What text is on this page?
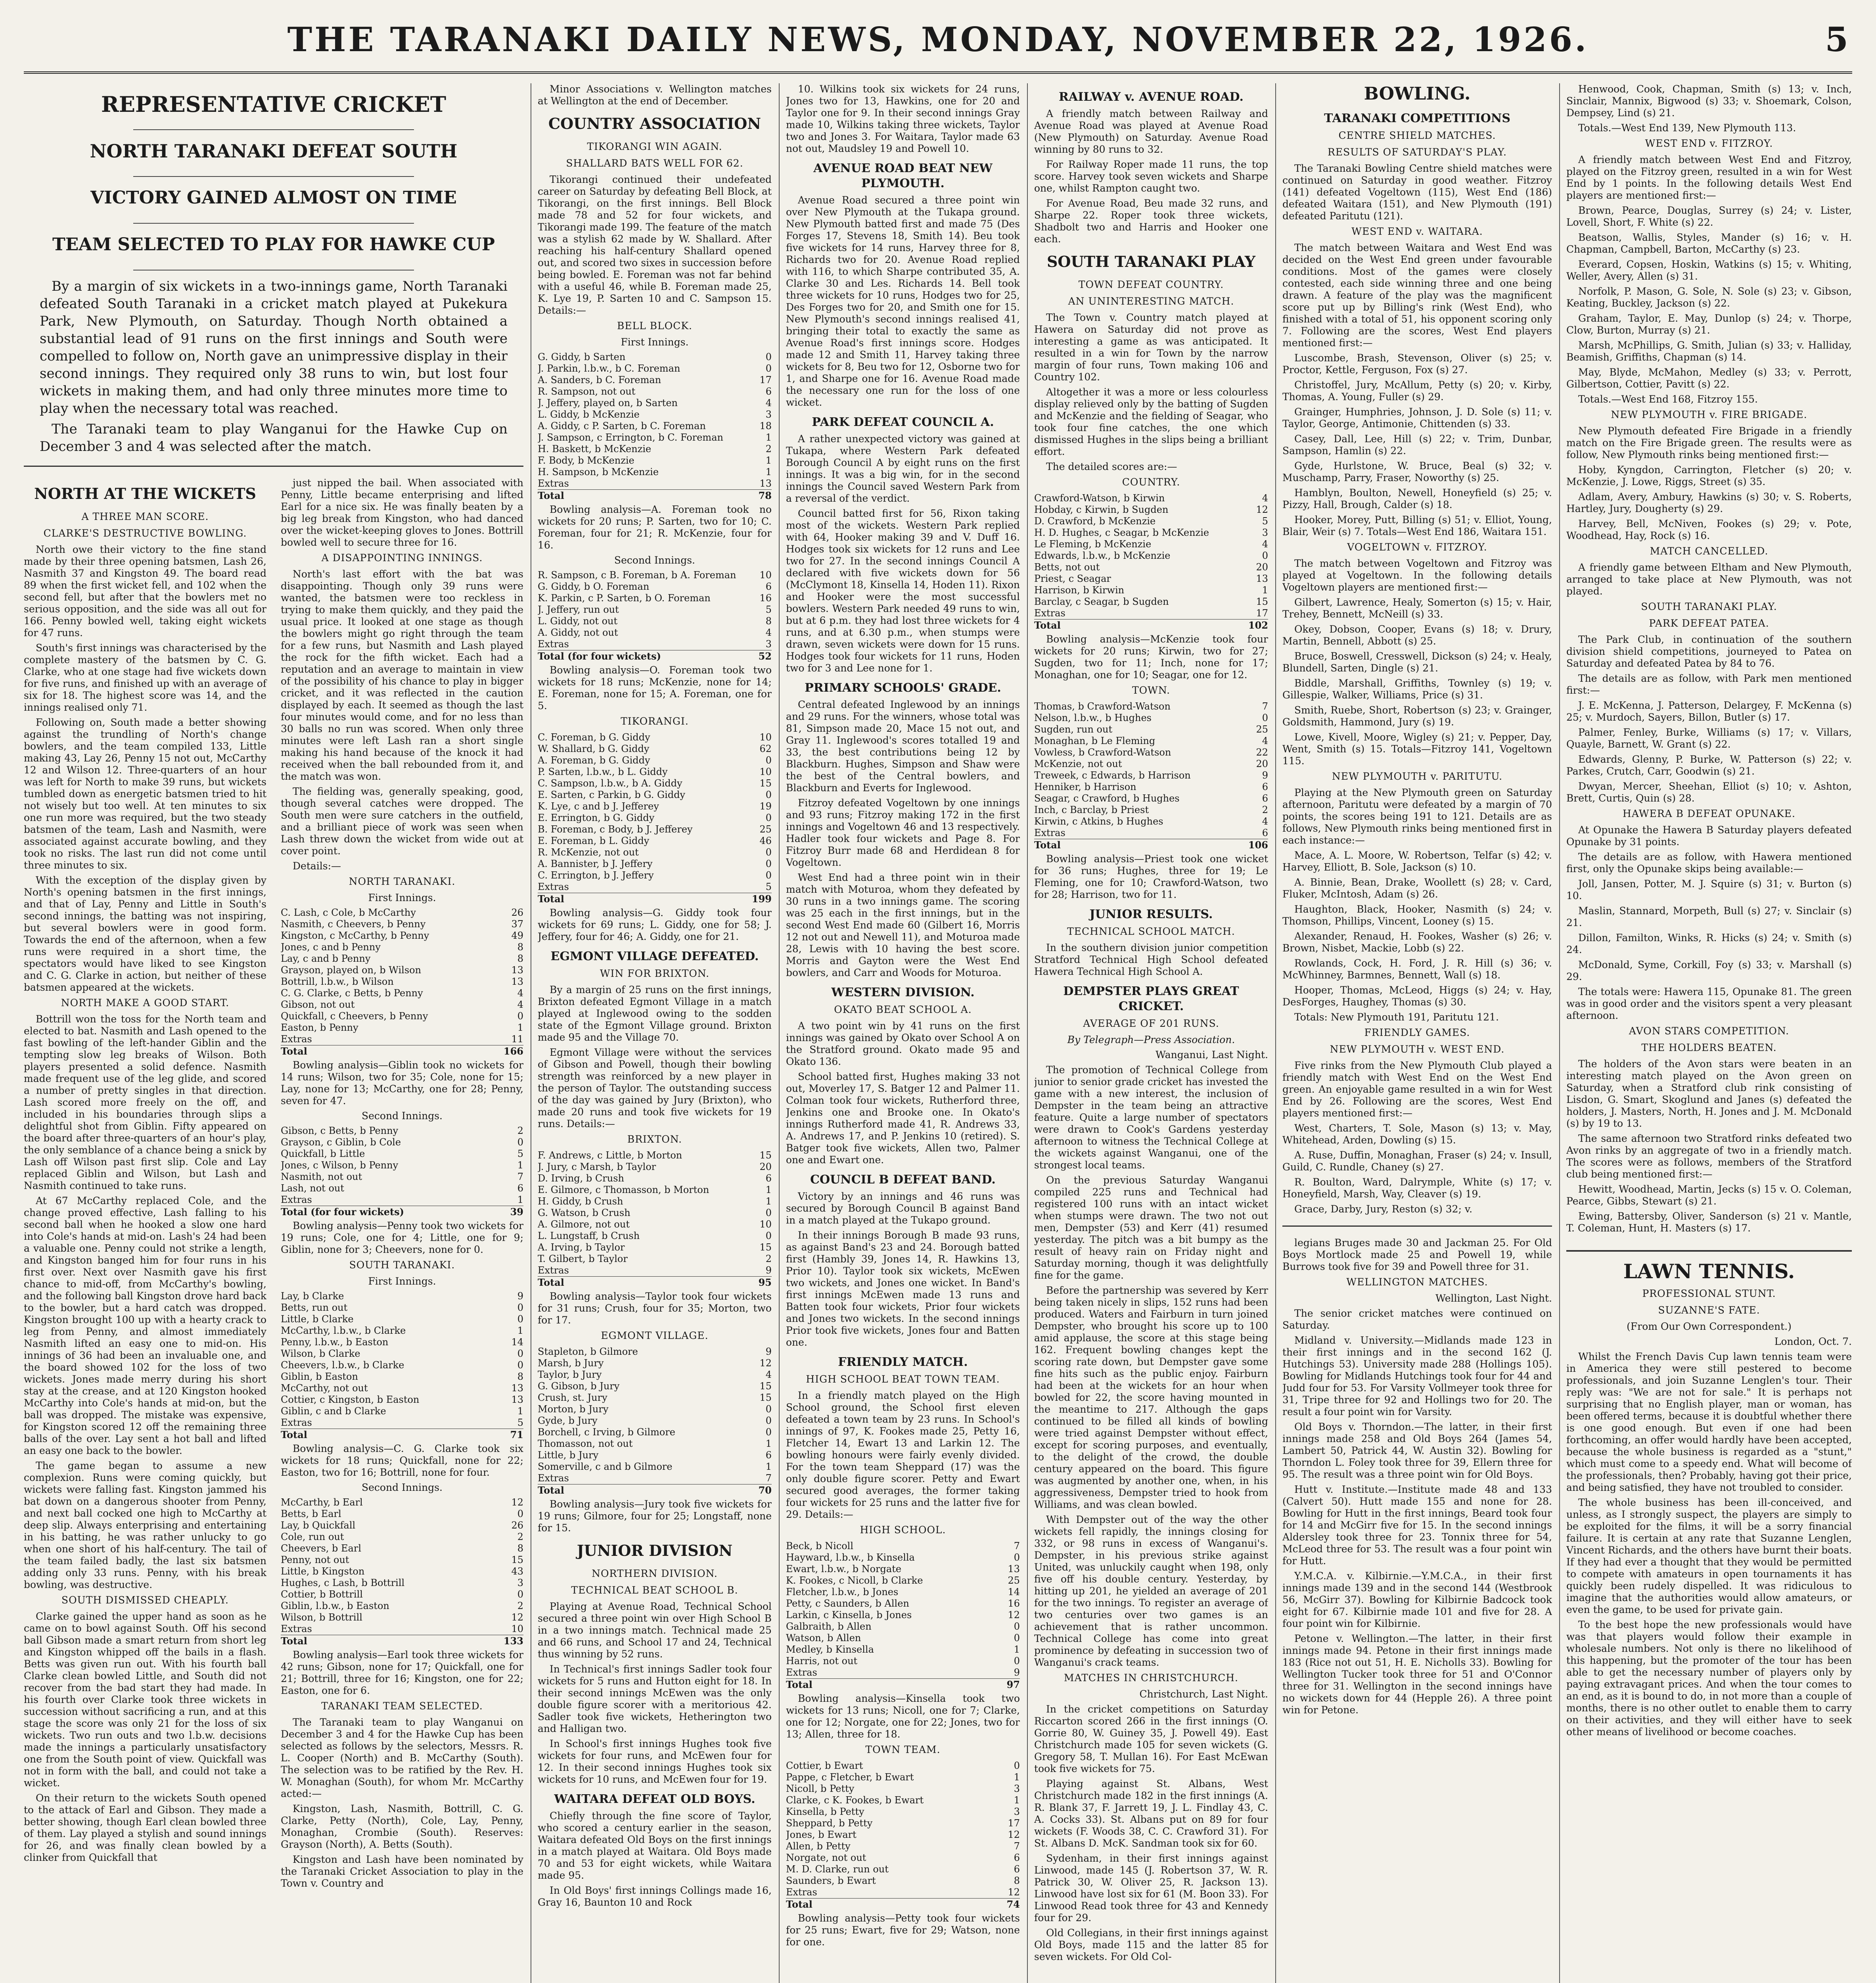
THE TARANAKI DAILY NEWS, MONDAY, NOVEMBER 22, 1926.	5
REPRESENTATIVE CRICKET
NORTH TARANAKI DEFEAT SOUTH
VICTORY GAINED ALMOST ON TIME
TEAM SELECTED TO PLAY FOR HAWKE CUP

By a margin of six wickets in a two-innings game, North Taranaki defeated South Taranaki in a cricket match played at Pukekura Park, New Plymouth, on Saturday. Though North obtained a substantial lead of 91 runs on the first innings and South were compelled to follow on, North gave an unimpressive display in their second innings. They required only 38 runs to win, but lost four wickets in making them, and had only three minutes more time to play when the necessary total was reached.

The Taranaki team to play Wanganui for the Hawke Cup on December 3 and 4 was selected after the match.

NORTH AT THE WICKETS
A THREE MAN SCORE.
CLARKE'S DESTRUCTIVE BOWLING.

North owe their victory to the fine stand made by their three opening batsmen, Lash 26, Nasmith 37 and Kingston 49. The board read 89 when the first wicket fell, and 102 when the second fell, but after that the bowlers met no serious opposition, and the side was all out for 166. Penny bowled well, taking eight wickets for 47 runs.

South's first innings was characterised by the complete mastery of the batsmen by C. G. Clarke, who at one stage had five wickets down for five runs, and finished up with an average of six for 18. The highest score was 14, and the innings realised only 71.

Following on, South made a better showing against the trundling of North's change bowlers, and the team compiled 133, Little making 43, Lay 26, Penny 15 not out, McCarthy 12 and Wilson 12. Three-quarters of an hour was left for North to make 39 runs, but wickets tumbled down as energetic batsmen tried to hit not wisely but too well. At ten minutes to six one run more was required, but the two steady batsmen of the team, Lash and Nasmith, were associated against accurate bowling, and they took no risks. The last run did not come until three minutes to six.

With the exception of the display given by North's opening batsmen in the first innings, and that of Lay, Penny and Little in South's second innings, the batting was not inspiring, but several bowlers were in good form. Towards the end of the afternoon, when a few runs were required in a short time, the spectators would have liked to see Kingston and C. G. Clarke in action, but neither of these batsmen appeared at the wickets.

NORTH MAKE A GOOD START.

Bottrill won the toss for the North team and elected to bat. Nasmith and Lash opened to the fast bowling of the left-hander Giblin and the tempting slow leg breaks of Wilson. Both players presented a solid defence. Nasmith made frequent use of the leg glide, and scored a number of pretty singles in that direction. Lash scored more freely on the off, and included in his boundaries through slips a delightful shot from Giblin. Fifty appeared on the board after three-quarters of an hour's play, the only semblance of a chance being a snick by Lash off Wilson past first slip. Cole and Lay replaced Giblin and Wilson, but Lash and Nasmith continued to take runs.

At 67 McCarthy replaced Cole, and the change proved effective, Lash falling to his second ball when he hooked a slow one hard into Cole's hands at mid-on. Lash's 24 had been a valuable one. Penny could not strike a length, and Kingston banged him for four runs in his first over. Next over Nasmith gave his first chance to mid-off, from McCarthy's bowling, and the following ball Kingston drove hard back to the bowler, but a hard catch was dropped. Kingston brought 100 up with a hearty crack to leg from Penny, and almost immediately Nasmith lifted an easy one to mid-on. His innings of 36 had been an invaluable one, and the board showed 102 for the loss of two wickets. Jones made merry during his short stay at the crease, and at 120 Kingston hooked McCarthy into Cole's hands at mid-on, but the ball was dropped. The mistake was expensive, for Kingston scored 12 off the remaining three balls of the over. Lay sent a hot ball and lifted an easy one back to the bowler.

The game began to assume a new complexion. Runs were coming quickly, but wickets were falling fast. Kingston jammed his bat down on a dangerous shooter from Penny, and next ball cocked one high to McCarthy at deep slip. Always enterprising and entertaining in his batting, he was rather unlucky to go when one short of his half-century. The tail of the team failed badly, the last six batsmen adding only 33 runs. Penny, with his break bowling, was destructive.

SOUTH DISMISSED CHEAPLY.

Clarke gained the upper hand as soon as he came on to bowl against South. Off his second ball Gibson made a smart return from short leg and Kingston whipped off the bails in a flash. Betts was given run out. With his fourth ball Clarke clean bowled Little, and South did not recover from the bad start they had made. In his fourth over Clarke took three wickets in succession without sacrificing a run, and at this stage the score was only 21 for the loss of six wickets. Two run outs and two l.b.w. decisions made the innings a particularly unsatisfactory one from the South point of view. Quickfall was not in form with the ball, and could not take a wicket.

On their return to the wickets South opened to the attack of Earl and Gibson. They made a better showing, though Earl clean bowled three of them. Lay played a stylish and sound innings for 26, and was finally clean bowled by a clinker from Quickfall that

just nipped the bail. When associated with Penny, Little became enterprising and lifted Earl for a nice six. He was finally beaten by a big leg break from Kingston, who had danced over the wicket-keeping gloves to Jones. Bottrill bowled well to secure three for 16.

A DISAPPOINTING INNINGS.

North's last effort with the bat was disappointing. Though only 39 runs were wanted, the batsmen were too reckless in trying to make them quickly, and they paid the usual price. It looked at one stage as though the bowlers might go right through the team for a few runs, but Nasmith and Lash played the rock for the fifth wicket. Each had a reputation and an average to maintain in view of the possibility of his chance to play in bigger cricket, and it was reflected in the caution displayed by each. It seemed as though the last four minutes would come, and for no less than 30 balls no run was scored. When only three minutes were left Lash ran a short single making his hand because of the knock it had received when the ball rebounded from it, and the match was won.

The fielding was, generally speaking, good, though several catches were dropped. The South men were sure catchers in the outfield, and a brilliant piece of work was seen when Lash threw down the wicket from wide out at cover point.

Details:—

NORTH TARANAKI.
First Innings.
C. Lash, c Cole, b McCarthy	26
Nasmith, c Cheevers, b Penny	37
Kingston, c McCarthy, b Penny	49
Jones, c and b Penny	8
Lay, c and b Penny	8
Grayson, played on, b Wilson	13
Bottrill, l.b.w., b Wilson	13
C. G. Clarke, c Betts, b Penny	4
Gibson, not out	4
Quickfall, c Cheevers, b Penny	0
Easton, b Penny	1
Extras	11
Total	166

Bowling analysis—Giblin took no wickets for 14 runs; Wilson, two for 35; Cole, none for 15; Lay, none for 13; McCarthy, one for 28; Penny, seven for 47.

Second Innings.
Gibson, c Betts, b Penny	2
Grayson, c Giblin, b Cole	0
Quickfall, b Little	5
Jones, c Wilson, b Penny	1
Nasmith, not out	7
Lash, not out	6
Extras	1
Total (for four wickets)	39

Bowling analysis—Penny took two wickets for 19 runs; Cole, one for 4; Little, one for 9; Giblin, none for 3; Cheevers, none for 0.

SOUTH TARANAKI.
First Innings.
Lay, b Clarke	9
Betts, run out	0
Little, b Clarke	0
McCarthy, l.b.w., b Clarke	1
Penny, l.b.w., b Easton	14
Wilson, b Clarke	0
Cheevers, l.b.w., b Clarke	0
Giblin, b Easton	8
McCarthy, not out	13
Cottier, c Kingston, b Easton	13
Giblin, c and b Clarke	1
Extras	5
Total	71

Bowling analysis—C. G. Clarke took six wickets for 18 runs; Quickfall, none for 22; Easton, two for 16; Bottrill, none for four.

Second Innings.
McCarthy, b Earl	12
Betts, b Earl	0
Lay, b Quickfall	26
Cole, run out	2
Cheevers, b Earl	8
Penny, not out	15
Little, b Kingston	43
Hughes, c Lash, b Bottrill	3
Cottier, b Bottrill	0
Giblin, l.b.w., b Easton	2
Wilson, b Bottrill	12
Extras	10
Total	133

Bowling analysis—Earl took three wickets for 42 runs; Gibson, none for 17; Quickfall, one for 21; Bottrill, three for 16; Kingston, one for 22; Easton, one for 6.

TARANAKI TEAM SELECTED.

The Taranaki team to play Wanganui on December 3 and 4 for the Hawke Cup has been selected as follows by the selectors, Messrs. R. L. Cooper (North) and B. McCarthy (South). The selection was to be ratified by the Rev. H. W. Monaghan (South), for whom Mr. McCarthy acted:—

Kingston, Lash, Nasmith, Bottrill, C. G. Clarke, Petty (North), Cole, Lay, Penny, Monaghan, Crombie (South). Reserves: Grayson (North), A. Betts (South).

Kingston and Lash have been nominated by the Taranaki Cricket Association to play in the Town v. Country and

Minor Associations v. Wellington matches at Wellington at the end of December.

COUNTRY ASSOCIATION
TIKORANGI WIN AGAIN.
SHALLARD BATS WELL FOR 62.

Tikorangi continued their undefeated career on Saturday by defeating Bell Block, at Tikorangi, on the first innings. Bell Block made 78 and 52 for four wickets, and Tikorangi made 199. The feature of the match was a stylish 62 made by W. Shallard. After reaching his half-century Shallard opened out, and scored two sixes in succession before being bowled. E. Foreman was not far behind with a useful 46, while B. Foreman made 25, K. Lye 19, P. Sarten 10 and C. Sampson 15. Details:—

BELL BLOCK.
First Innings.
G. Giddy, b Sarten	0
J. Parkin, l.b.w., b C. Foreman	0
A. Sanders, b C. Foreman	17
R. Sampson, not out	6
J. Jeffery, played on, b Sarten	4
L. Giddy, b McKenzie	3
A. Giddy, c P. Sarten, b C. Foreman	18
J. Sampson, c Errington, b C. Foreman	1
H. Baskett, b McKenzie	2
F. Body, b McKenzie	1
H. Sampson, b McKenzie	1
Extras	13
Total	78

Bowling analysis—A. Foreman took no wickets for 20 runs; P. Sarten, two for 10; C. Foreman, four for 21; R. McKenzie, four for 16.

Second Innings.
R. Sampson, c B. Foreman, b A. Foreman	10
G. Giddy, b O. Foreman	6
K. Parkin, c P. Sarten, b O. Foreman	16
J. Jeffery, run out	5
L. Giddy, not out	8
A. Giddy, not out	4
Extras	3
Total (for four wickets)	52

Bowling analysis—O. Foreman took two wickets for 18 runs; McKenzie, none for 14; E. Foreman, none for 15; A. Foreman, one for 5.

TIKORANGI.
C. Foreman, b G. Giddy	10
W. Shallard, b G. Giddy	62
A. Foreman, b G. Giddy	0
P. Sarten, l.b.w., b L. Giddy	10
C. Sampson, l.b.w., b A. Giddy	15
E. Sarten, c Parkin, b G. Giddy	0
K. Lye, c and b J. Jefferey	19
E. Errington, b G. Giddy	0
B. Foreman, c Body, b J. Jefferey	25
E. Foreman, b L. Giddy	46
R. McKenzie, not out	0
A. Bannister, b J. Jeffery	0
C. Errington, b J. Jeffery	0
Extras	5
Total	199

Bowling analysis—G. Giddy took four wickets for 69 runs; L. Giddy, one for 58; J. Jeffery, four for 46; A. Giddy, one for 21.

EGMONT VILLAGE DEFEATED.
WIN FOR BRIXTON.

By a margin of 25 runs on the first innings, Brixton defeated Egmont Village in a match played at Inglewood owing to the sodden state of the Egmont Village ground. Brixton made 95 and the Village 70.

Egmont Village were without the services of Gibson and Powell, though their bowling strength was reinforced by a new player in the person of Taylor. The outstanding success of the day was gained by Jury (Brixton), who made 20 runs and took five wickets for 19 runs. Details:—

BRIXTON.
F. Andrews, c Little, b Morton	15
J. Jury, c Marsh, b Taylor	20
D. Irving, b Crush	6
E. Gilmore, c Thomasson, b Morton	1
H. Giddy, b Crush	1
G. Watson, b Crush	0
A. Gilmore, not out	10
L. Lungstaff, b Crush	0
A. Irving, b Taylor	15
T. Gilbert, b Taylor	2
Extras	9
Total	95

Bowling analysis—Taylor took four wickets for 31 runs; Crush, four for 35; Morton, two for 17.

EGMONT VILLAGE.
Stapleton, b Gilmore	9
Marsh, b Jury	12
Taylor, b Jury	4
G. Gibson, b Jury	15
Crush, st. Jury	15
Morton, b Jury	0
Gyde, b Jury	0
Borchell, c Irving, b Gilmore	0
Thomasson, not out	1
Little, b Jury	6
Somerville, c and b Gilmore	1
Extras	7
Total	70

Bowling analysis—Jury took five wickets for 19 runs; Gilmore, four for 25; Longstaff, none for 15.

JUNIOR DIVISION
NORTHERN DIVISION.
TECHNICAL BEAT SCHOOL B.

Playing at Avenue Road, Technical School secured a three point win over High School B in a two innings match. Technical made 25 and 66 runs, and School 17 and 24, Technical thus winning by 52 runs.

In Technical's first innings Sadler took four wickets for 5 runs and Hutton eight for 18. In their second innings McEwen was the only double figure scorer with a meritorious 42. Sadler took five wickets, Hetherington two and Halligan two.

In School's first innings Hughes took five wickets for four runs, and McEwen four for 12. In their second innings Hughes took six wickets for 10 runs, and McEwen four for 19.

WAITARA DEFEAT OLD BOYS.

Chiefly through the fine score of Taylor, who scored a century earlier in the season, Waitara defeated Old Boys on the first innings in a match played at Waitara. Old Boys made 70 and 53 for eight wickets, while Waitara made 95.

In Old Boys' first innings Collings made 16, Gray 16, Baunton 10 and Rock

10. Wilkins took six wickets for 24 runs, Jones two for 13, Hawkins, one for 20 and Taylor one for 9. In their second innings Gray made 10, Wilkins taking three wickets, Taylor two and Jones 3. For Waitara, Taylor made 63 not out, Maudsley 19 and Powell 10.

AVENUE ROAD BEAT NEW PLYMOUTH.

Avenue Road secured a three point win over New Plymouth at the Tukapa ground. New Plymouth batted first and made 75 (Des Forges 17, Stevens 18, Smith 14). Beu took five wickets for 14 runs, Harvey three for 8, Richards two for 20. Avenue Road replied with 116, to which Sharpe contributed 35, A. Clarke 30 and Les. Richards 14. Bell took three wickets for 10 runs, Hodges two for 25, Des Forges two for 20, and Smith one for 15. New Plymouth's second innings realised 41, bringing their total to exactly the same as Avenue Road's first innings score. Hodges made 12 and Smith 11, Harvey taking three wickets for 8, Beu two for 12, Osborne two for 1, and Sharpe one for 16. Avenue Road made the necessary one run for the loss of one wicket.

PARK DEFEAT COUNCIL A.

A rather unexpected victory was gained at Tukapa, where Western Park defeated Borough Council A by eight runs on the first innings. It was a big win, for in the second innings the Council saved Western Park from a reversal of the verdict.

Council batted first for 56, Rixon taking most of the wickets. Western Park replied with 64, Hooker making 39 and V. Duff 16. Hodges took six wickets for 12 runs and Lee two for 27. In the second innings Council A declared with five wickets down for 56 (McClymont 18, Kinsella 14, Hoden 11). Rixon and Hooker were the most successful bowlers. Western Park needed 49 runs to win, but at 6 p.m. they had lost three wickets for 4 runs, and at 6.30 p.m., when stumps were drawn, seven wickets were down for 15 runs. Hodges took four wickets for 11 runs, Hoden two for 3 and Lee none for 1.

PRIMARY SCHOOLS' GRADE.

Central defeated Inglewood by an innings and 29 runs. For the winners, whose total was 81, Simpson made 20, Mace 15 not out, and Gray 11. Inglewood's scores totalled 19 and 33, the best contributions being 12 by Blackburn. Hughes, Simpson and Shaw were the best of the Central bowlers, and Blackburn and Everts for Inglewood.

Fitzroy defeated Vogeltown by one innings and 93 runs; Fitzroy making 172 in the first innings and Vogeltown 46 and 13 respectively. Hadler took four wickets and Page 8. For Fitzroy Burr made 68 and Herdidean 8 for Vogeltown.

West End had a three point win in their match with Moturoa, whom they defeated by 30 runs in a two innings game. The scoring was 25 each in the first innings, but in the second West End made 60 (Gilbert 16, Morris 12 not out and Newell 11), and Moturoa made 28, Lewis with 10 having the best score. Morris and Gayton were the West End bowlers, and Carr and Woods for Moturoa.

WESTERN DIVISION.
OKATO BEAT SCHOOL A.

A two point win by 41 runs on the first innings was gained by Okato over School A on the Stratford ground. Okato made 95 and Okato 136.

School batted first, Hughes making 33 not out, Moverley 17, S. Batger 12 and Palmer 11. Colman took four wickets, Rutherford three, Jenkins one and Brooke one. In Okato's innings Rutherford made 41, R. Andrews 33, A. Andrews 17, and P. Jenkins 10 (retired). S. Batger took five wickets, Allen two, Palmer one and Ewart one.

COUNCIL B DEFEAT BAND.

Victory by an innings and 46 runs was secured by Borough Council B against Band in a match played at the Tukapo ground.

In their innings Borough B made 93 runs, as against Band's 23 and 24. Borough batted first (Hambly 39, Jones 14, R. Hawkins 13, Prior 10). Taylor took six wickets, McEwen two wickets, and Jones one wicket. In Band's first innings McEwen made 13 runs and Batten took four wickets, Prior four wickets and Jones two wickets. In the second innings Prior took five wickets, Jones four and Batten one.

FRIENDLY MATCH.
HIGH SCHOOL BEAT TOWN TEAM.

In a friendly match played on the High School ground, the School first eleven defeated a town team by 23 runs. In School's innings of 97, K. Fookes made 25, Petty 16, Fletcher 14, Ewart 13 and Larkin 12. The bowling honours were fairly evenly divided. For the town team Sheppard (17) was the only double figure scorer. Petty and Ewart secured good averages, the former taking four wickets for 25 runs and the latter five for 29. Details:—

HIGH SCHOOL.
Beck, b Nicoll	7
Hayward, l.b.w., b Kinsella	0
Ewart, l.b.w., b Norgate	13
K. Fookes, c Nicoll, b Clarke	25
Fletcher, l.b.w., b Jones	14
Petty, c Saunders, b Allen	16
Larkin, c Kinsella, b Jones	12
Galbraith, b Allen	0
Watson, b Allen	0
Medley, b Kinsella	1
Harris, not out	0
Extras	9
Total	97

Bowling analysis—Kinsella took two wickets for 13 runs; Nicoll, one for 7; Clarke, one for 12; Norgate, one for 22; Jones, two for 13; Allen, three for 18.

TOWN TEAM.
Cottier, b Ewart	0
Pappe, c Fletcher, b Ewart	1
Nicoll, b Petty	3
Clarke, c K. Fookes, b Ewart	1
Kinsella, b Petty	3
Sheppard, b Petty	17
Jones, b Ewart	12
Allen, b Petty	7
Norgate, not out	6
M. D. Clarke, run out	6
Saunders, b Ewart	8
Extras	12
Total	74

Bowling analysis—Petty took four wickets for 25 runs; Ewart, five for 29; Watson, none for one.

RAILWAY v. AVENUE ROAD.

A friendly match between Railway and Avenue Road was played at Avenue Road (New Plymouth) on Saturday. Avenue Road winning by 80 runs to 32.

For Railway Roper made 11 runs, the top score. Harvey took seven wickets and Sharpe one, whilst Rampton caught two.

For Avenue Road, Beu made 32 runs, and Sharpe 22. Roper took three wickets, Shadbolt two and Harris and Hooker one each.

SOUTH TARANAKI PLAY
TOWN DEFEAT COUNTRY.
AN UNINTERESTING MATCH.

The Town v. Country match played at Hawera on Saturday did not prove as interesting a game as was anticipated. It resulted in a win for Town by the narrow margin of four runs, Town making 106 and Country 102.

Altogether it was a more or less colourless display relieved only by the batting of Sugden and McKenzie and the fielding of Seagar, who took four fine catches, the one which dismissed Hughes in the slips being a brilliant effort.

The detailed scores are:—

COUNTRY.
Crawford-Watson, b Kirwin	4
Hobday, c Kirwin, b Sugden	12
D. Crawford, b McKenzie	5
H. D. Hughes, c Seagar, b McKenzie	3
Le Fleming, b McKenzie	4
Edwards, l.b.w., b McKenzie	0
Betts, not out	20
Priest, c Seagar	13
Harrison, b Kirwin	1
Barclay, c Seagar, b Sugden	15
Extras	17
Total	102

Bowling analysis—McKenzie took four wickets for 20 runs; Kirwin, two for 27; Sugden, two for 11; Inch, none for 17; Monaghan, one for 10; Seagar, one for 12.

TOWN.
Thomas, b Crawford-Watson	7
Nelson, l.b.w., b Hughes	0
Sugden, run out	25
Monaghan, b Le Fleming	4
Vowless, b Crawford-Watson	22
McKenzie, not out	20
Treweek, c Edwards, b Harrison	9
Henniker, b Harrison	6
Seagar, c Crawford, b Hughes	6
Inch, c Barclay, b Priest	2
Kirwin, c Atkins, b Hughes	4
Extras	6
Total	106

Bowling analysis—Priest took one wicket for 36 runs; Hughes, three for 19; Le Fleming, one for 10; Crawford-Watson, two for 28; Harrison, two for 11.

JUNIOR RESULTS.
TECHNICAL SCHOOL MATCH.

In the southern division junior competition Stratford Technical High School defeated Hawera Technical High School A.

DEMPSTER PLAYS GREAT CRICKET.
AVERAGE OF 201 RUNS.
By Telegraph—Press Association.
Wanganui, Last Night.

The promotion of Technical College from junior to senior grade cricket has invested the game with a new interest, the inclusion of Dempster in the team being an attractive feature. Quite a large number of spectators were drawn to Cook's Gardens yesterday afternoon to witness the Technical College at the wickets against Wanganui, one of the strongest local teams.

On the previous Saturday Wanganui compiled 225 runs and Technical had registered 100 runs with an intact wicket when stumps were drawn. The two not out men, Dempster (53) and Kerr (41) resumed yesterday. The pitch was a bit bumpy as the result of heavy rain on Friday night and Saturday morning, though it was delightfully fine for the game.

Before the partnership was severed by Kerr being taken nicely in slips, 152 runs had been produced. Waters and Fairburn in turn joined Dempster, who brought his score up to 100 amid applause, the score at this stage being 162. Frequent bowling changes kept the scoring rate down, but Dempster gave some fine hits such as the public enjoy. Fairburn had been at the wickets for an hour when bowled for 22, the score having mounted in the meantime to 217. Although the gaps continued to be filled all kinds of bowling were tried against Dempster without effect, except for scoring purposes, and eventually, to the delight of the crowd, the double century appeared on the board. This figure was augmented by another one, when, in his aggressiveness, Dempster tried to hook from Williams, and was clean bowled.

With Dempster out of the way the other wickets fell rapidly, the innings closing for 332, or 98 runs in excess of Wanganui's. Dempster, in his previous strike against United, was unluckily caught when 198, only five off his double century. Yesterday, by hitting up 201, he yielded an average of 201 for the two innings. To register an average of two centuries over two games is an achievement that is rather uncommon. Technical College has come into great prominence by defeating in succession two of Wanganui's crack teams.

MATCHES IN CHRISTCHURCH.
Christchurch, Last Night.

In the cricket competitions on Saturday Riccarton scored 266 in the first innings (O. Gorrie 80, W. Guiney 35, J. Powell 49). East Christchurch made 105 for seven wickets (G. Gregory 58, T. Mullan 16). For East McEwan took five wickets for 75.

Playing against St. Albans, West Christchurch made 182 in the first innings (A. R. Blank 37, F. Jarrett 19, J. L. Findlay 43, C. A. Cocks 33). St. Albans put on 89 for four wickets (F. Woods 38, C. C. Crawford 31). For St. Albans D. McK. Sandman took six for 60.

Sydenham, in their first innings against Linwood, made 145 (J. Robertson 37, W. R. Patrick 30, W. Oliver 25, R. Jackson 13). Linwood have lost six for 61 (M. Boon 33). For Linwood Read took three for 43 and Kennedy four for 29.

Old Collegians, in their first innings against Old Boys, made 115 and the latter 85 for seven wickets. For Old Col-

BOWLING.
TARANAKI COMPETITIONS
CENTRE SHIELD MATCHES.
RESULTS OF SATURDAY'S PLAY.

The Taranaki Bowling Centre shield matches were continued on Saturday in good weather. Fitzroy (141) defeated Vogeltown (115), West End (186) defeated Waitara (151), and New Plymouth (191) defeated Paritutu (121).

WEST END v. WAITARA.

The match between Waitara and West End was decided on the West End green under favourable conditions. Most of the games were closely contested, each side winning three and one being drawn. A feature of the play was the magnificent score put up by Billing's rink (West End), who finished with a total of 51, his opponent scoring only 7. Following are the scores, West End players mentioned first:—

Luscombe, Brash, Stevenson, Oliver (s) 25; v. Proctor, Kettle, Ferguson, Fox (s) 27.

Christoffel, Jury, McAllum, Petty (s) 20; v. Kirby, Thomas, A. Young, Fuller (s) 29.

Grainger, Humphries, Johnson, J. D. Sole (s) 11; v. Taylor, George, Antimonie, Chittenden (s) 33.

Casey, Dall, Lee, Hill (s) 22; v. Trim, Dunbar, Sampson, Hamlin (s) 22.

Gyde, Hurlstone, W. Bruce, Beal (s) 32; v. Muschamp, Parry, Fraser, Noworthy (s) 25.

Hamblyn, Boulton, Newell, Honeyfield (s) 25; v. Pizzy, Hall, Brough, Calder (s) 18.

Hooker, Morey, Putt, Billing (s) 51; v. Elliot, Young, Blair, Weir (s) 7. Totals—West End 186, Waitara 151.

VOGELTOWN v. FITZROY.

The match between Vogeltown and Fitzroy was played at Vogeltown. In the following details Vogeltown players are mentioned first:—

Gilbert, Lawrence, Healy, Somerton (s) 15; v. Hair, Trehey, Bennett, McNeill (s) 33.

Okey, Dobson, Cooper, Evans (s) 18; v. Drury, Martin, Bennell, Abbott (s) 25.

Bruce, Boswell, Cresswell, Dickson (s) 24; v. Healy, Blundell, Sarten, Dingle (s) 21.

Biddle, Marshall, Griffiths, Townley (s) 19; v. Gillespie, Walker, Williams, Price (s) 31.

Smith, Ruebe, Short, Robertson (s) 23; v. Grainger, Goldsmith, Hammond, Jury (s) 19.

Lowe, Kivell, Moore, Wigley (s) 21; v. Pepper, Day, Went, Smith (s) 15. Totals—Fitzroy 141, Vogeltown 115.

NEW PLYMOUTH v. PARITUTU.

Playing at the New Plymouth green on Saturday afternoon, Paritutu were defeated by a margin of 70 points, the scores being 191 to 121. Details are as follows, New Plymouth rinks being mentioned first in each instance:—

Mace, A. L. Moore, W. Robertson, Telfar (s) 42; v. Harvey, Elliott, B. Sole, Jackson (s) 10.

A. Binnie, Bean, Drake, Woollett (s) 28; v. Card, Fluker, McIntosh, Adam (s) 26.

Haughton, Black, Hooker, Nasmith (s) 24; v. Thomson, Phillips, Vincent, Looney (s) 15.

Alexander, Renaud, H. Fookes, Washer (s) 26; v. Brown, Nisbet, Mackie, Lobb (s) 22.

Rowlands, Cock, H. Ford, J. R. Hill (s) 36; v. McWhinney, Barmnes, Bennett, Wall (s) 18.

Hooper, Thomas, McLeod, Higgs (s) 24; v. Hay, DesForges, Haughey, Thomas (s) 30.

Totals: New Plymouth 191, Paritutu 121.

FRIENDLY GAMES.
NEW PLYMOUTH v. WEST END.

Five rinks from the New Plymouth Club played a friendly match with West End on the West End green. An enjoyable game resulted in a win for West End by 26. Following are the scores, West End players mentioned first:—

West, Charters, T. Sole, Mason (s) 13; v. May, Whitehead, Arden, Dowling (s) 15.

A. Ruse, Duffin, Monaghan, Fraser (s) 24; v. Insull, Guild, C. Rundle, Chaney (s) 27.

R. Boulton, Ward, Dalrymple, White (s) 17; v. Honeyfield, Marsh, Way, Cleaver (s) 19.

Grace, Darby, Jury, Reston (s) 32; v.

legians Bruges made 30 and Jackman 25. For Old Boys Mortlock made 25 and Powell 19, while Burrows took five for 39 and Powell three for 31.

WELLINGTON MATCHES.
Wellington, Last Night.

The senior cricket matches were continued on Saturday.

Midland v. University.—Midlands made 123 in their first innings and in the second 162 (J. Hutchings 53). University made 288 (Hollings 105). Bowling for Midlands Hutchings took four for 44 and Judd four for 53. For Varsity Vollmeyer took three for 31, Tripe three for 92 and Hollings two for 20. The result a four point win for Varsity.

Old Boys v. Thorndon.—The latter, in their first innings made 258 and Old Boys 264 (James 54, Lambert 50, Patrick 44, W. Austin 32). Bowling for Thorndon L. Foley took three for 39, Ellern three for 95. The result was a three point win for Old Boys.

Hutt v. Institute.—Institute made 48 and 133 (Calvert 50). Hutt made 155 and none for 28. Bowling for Hutt in the first innings, Beard took four for 14 and McGirr five for 15. In the second innings Aldersley took three for 23. Tonnix three for 54, McLeod three for 53. The result was a four point win for Hutt.

Y.M.C.A. v. Kilbirnie.—Y.M.C.A., in their first innings made 139 and in the second 144 (Westbrook 56, McGirr 37). Bowling for Kilbirnie Badcock took eight for 67. Kilbirnie made 101 and five for 28. A four point win for Kilbirnie.

Petone v. Wellington.—The latter, in their first innings made 94. Petone in their first innings made 183 (Rice not out 51, H. E. Nicholls 33). Bowling for Wellington Tucker took three for 51 and O'Connor three for 31. Wellington in the second innings have no wickets down for 44 (Hepple 26). A three point win for Petone.

Henwood, Cook, Chapman, Smith (s) 13; v. Inch, Sinclair, Mannix, Bigwood (s) 33; v. Shoemark, Colson, Dempsey, Lind (s) 21.

Totals.—West End 139, New Plymouth 113.

WEST END v. FITZROY.

A friendly match between West End and Fitzroy, played on the Fitzroy green, resulted in a win for West End by 1 points. In the following details West End players are mentioned first:—

Brown, Pearce, Douglas, Surrey (s) 24; v. Lister, Lovell, Short, F. White (s) 22.

Beatson, Wallis, Styles, Mander (s) 16; v. H. Chapman, Campbell, Barton, McCarthy (s) 23.

Everard, Copsen, Hoskin, Watkins (s) 15; v. Whiting, Weller, Avery, Allen (s) 31.

Norfolk, P. Mason, G. Sole, N. Sole (s) 23; v. Gibson, Keating, Buckley, Jackson (s) 22.

Graham, Taylor, E. May, Dunlop (s) 24; v. Thorpe, Clow, Burton, Murray (s) 21.

Marsh, McPhillips, G. Smith, Julian (s) 33; v. Halliday, Beamish, Griffiths, Chapman (s) 14.

May, Blyde, McMahon, Medley (s) 33; v. Perrott, Gilbertson, Cottier, Pavitt (s) 22.

Totals.—West End 168, Fitzroy 155.

NEW PLYMOUTH v. FIRE BRIGADE.

New Plymouth defeated Fire Brigade in a friendly match on the Fire Brigade green. The results were as follow, New Plymouth rinks being mentioned first:—

Hoby, Kyngdon, Carrington, Fletcher (s) 20; v. McKenzie, J. Lowe, Riggs, Street (s) 35.

Adlam, Avery, Ambury, Hawkins (s) 30; v. S. Roberts, Hartley, Jury, Dougherty (s) 29.

Harvey, Bell, McNiven, Fookes (s) 29; v. Pote, Woodhead, Hay, Rock (s) 16.

MATCH CANCELLED.

A friendly game between Eltham and New Plymouth, arranged to take place at New Plymouth, was not played.

SOUTH TARANAKI PLAY.
PARK DEFEAT PATEA.

The Park Club, in continuation of the southern division shield competitions, journeyed to Patea on Saturday and defeated Patea by 84 to 76.

The details are as follow, with Park men mentioned first:—

J. E. McKenna, J. Patterson, Delargey, F. McKenna (s) 25; v. Murdoch, Sayers, Billon, Butler (s) 17.

Palmer, Fenley, Burke, Williams (s) 17; v. Villars, Quayle, Barnett, W. Grant (s) 22.

Edwards, Glenny, P. Burke, W. Patterson (s) 22; v. Parkes, Crutch, Carr, Goodwin (s) 21.

Dwyan, Mercer, Sheehan, Elliot (s) 10; v. Ashton, Brett, Curtis, Quin (s) 28.

HAWERA B DEFEAT OPUNAKE.

At Opunake the Hawera B Saturday players defeated Opunake by 31 points.

The details are as follow, with Hawera mentioned first, only the Opunake skips being available:—

Joll, Jansen, Potter, M. J. Squire (s) 31; v. Burton (s) 10.

Maslin, Stannard, Morpeth, Bull (s) 27; v. Sinclair (s) 21.

Dillon, Familton, Winks, R. Hicks (s) 24; v. Smith (s) 24.

McDonald, Syme, Corkill, Foy (s) 33; v. Marshall (s) 29.

The totals were: Hawera 115, Opunake 81. The green was in good order and the visitors spent a very pleasant afternoon.

AVON STARS COMPETITION.
THE HOLDERS BEATEN.

The holders of the Avon stars were beaten in an interesting match played on the Avon green on Saturday, when a Stratford club rink consisting of Lisdon, G. Smart, Skoglund and Janes (s) defeated the holders, J. Masters, North, H. Jones and J. M. McDonald (s) by 19 to 13.

The same afternoon two Stratford rinks defeated two Avon rinks by an aggregate of two in a friendly match. The scores were as follows, members of the Stratford club being mentioned first:—

Hewitt, Woodhead, Martin, Jecks (s) 15 v. O. Coleman, Pearce, Gibbs, Stewart (s) 21.

Ewing, Battersby, Oliver, Sanderson (s) 21 v. Mantle, T. Coleman, Hunt, H. Masters (s) 17.

LAWN TENNIS.
PROFESSIONAL STUNT.
SUZANNE'S FATE.
(From Our Own Correspondent.)
London, Oct. 7.

Whilst the French Davis Cup lawn tennis team were in America they were still pestered to become professionals, and join Suzanne Lenglen's tour. Their reply was: "We are not for sale." It is perhaps not surprising that no English player, man or woman, has been offered terms, because it is doubtful whether there is one good enough. But even if one had been forthcoming, an offer would hardly have been accepted, because the whole business is regarded as a "stunt," which must come to a speedy end. What will become of the professionals, then? Probably, having got their price, and being satisfied, they have not troubled to consider.

The whole business has been ill-conceived, and unless, as I strongly suspect, the players are simply to be exploited for the films, it will be a sorry financial failure. It is certain at any rate that Suzanne Lenglen, Vincent Richards, and the others have burnt their boats. If they had ever a thought that they would be permitted to compete with amateurs in open tournaments it has quickly been rudely dispelled. It was ridiculous to imagine that the authorities would allow amateurs, or even the game, to be used for private gain.

To the best hope the new professionals would have was that players would follow their example in wholesale numbers. Not only is there no likelihood of this happening, but the promoter of the tour has been able to get the necessary number of players only by paying extravagant prices. And when the tour comes to an end, as it is bound to do, in not more than a couple of months, there is no other outlet to enable them to carry on their activities, and they will either have to seek other means of livelihood or become coaches.
